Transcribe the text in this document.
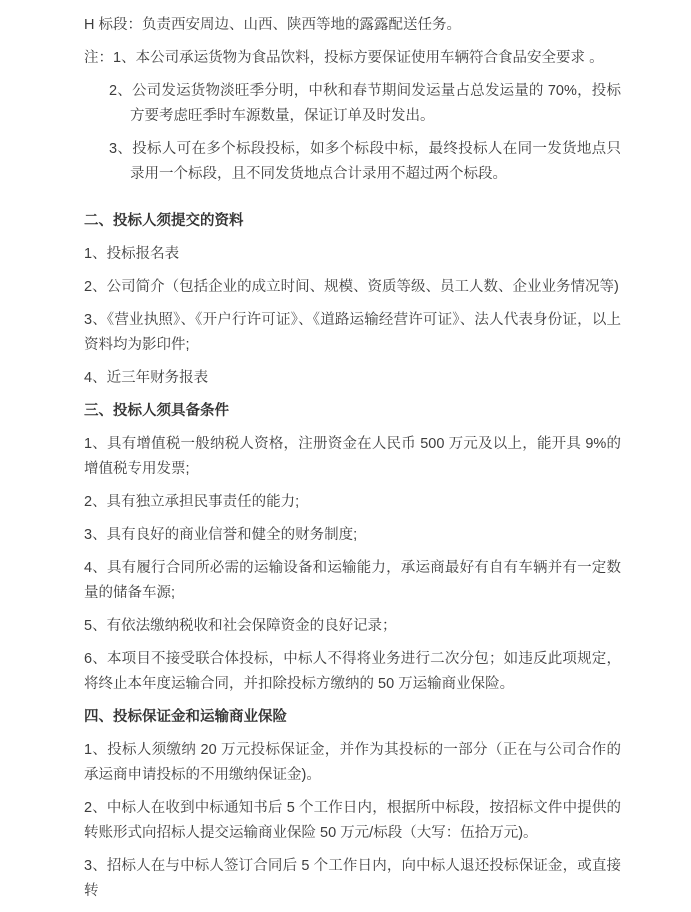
H 标段：负责西安周边、山西、陕西等地的露露配送任务。

注：1、本公司承运货物为食品饮料，投标方要保证使用车辆符合食品安全要求 。

2、公司发运货物淡旺季分明，中秋和春节期间发运量占总发运量的 70%，投标方要考虑旺季时车源数量，保证订单及时发出。

3、投标人可在多个标段投标，如多个标段中标，最终投标人在同一发货地点只录用一个标段，且不同发货地点合计录用不超过两个标段。

二、投标人须提交的资料

1、投标报名表

2、公司简介（包括企业的成立时间、规模、资质等级、员工人数、企业业务情况等)

3、《营业执照》、《开户行许可证》、《道路运输经营许可证》、法人代表身份证，以上资料均为影印件;

4、近三年财务报表

三、投标人须具备条件

1、具有增值税一般纳税人资格，注册资金在人民币 500 万元及以上，能开具 9%的增值税专用发票;

2、具有独立承担民事责任的能力;

3、具有良好的商业信誉和健全的财务制度;

4、具有履行合同所必需的运输设备和运输能力，承运商最好有自有车辆并有一定数量的储备车源;

5、有依法缴纳税收和社会保障资金的良好记录；

6、本项目不接受联合体投标，中标人不得将业务进行二次分包；如违反此项规定，将终止本年度运输合同，并扣除投标方缴纳的 50 万运输商业保险。

四、投标保证金和运输商业保险

1、投标人须缴纳 20 万元投标保证金，并作为其投标的一部分（正在与公司合作的承运商申请投标的不用缴纳保证金)。

2、中标人在收到中标通知书后 5 个工作日内，根据所中标段，按招标文件中提供的转账形式向招标人提交运输商业保险 50 万元/标段（大写：伍拾万元)。

3、招标人在与中标人签订合同后 5 个工作日内，向中标人退还投标保证金，或直接转
